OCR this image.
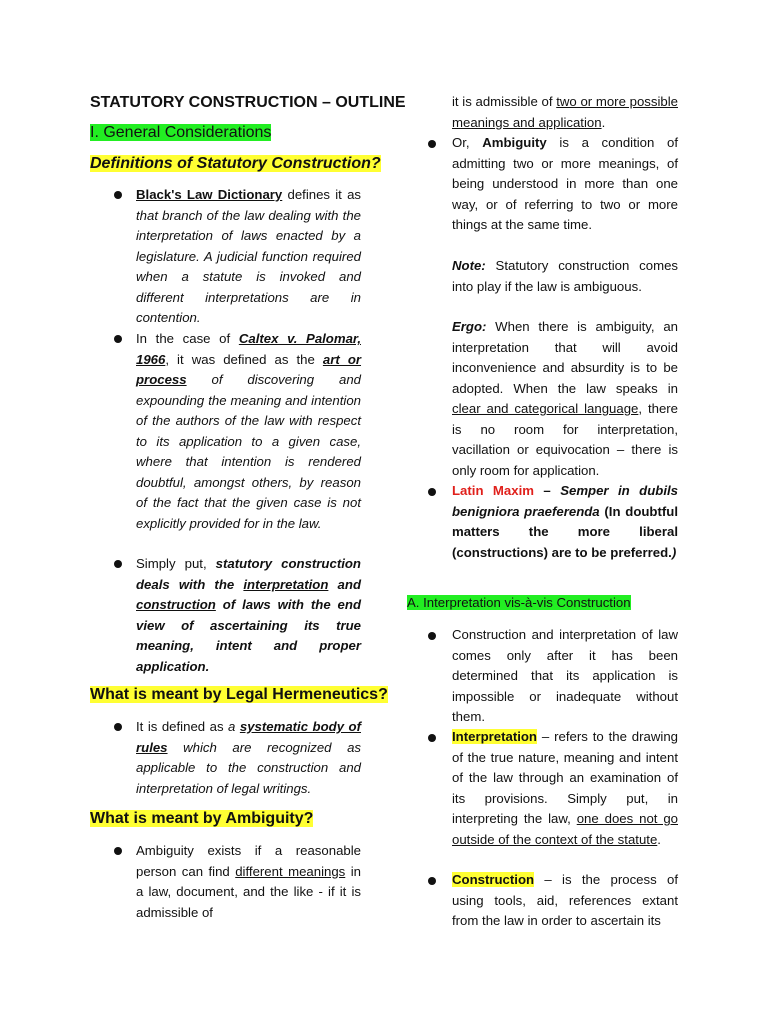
STATUTORY CONSTRUCTION – OUTLINE
I. General Considerations
Definitions of Statutory Construction?

Black's Law Dictionary defines it as that branch of the law dealing with the interpretation of laws enacted by a legislature. A judicial function required when a statute is invoked and different interpretations are in contention.

In the case of Caltex v. Palomar, 1966, it was defined as the art or process of discovering and expounding the meaning and intention of the authors of the law with respect to its application to a given case, where that intention is rendered doubtful, amongst others, by reason of the fact that the given case is not explicitly provided for in the law.

Simply put, statutory construction deals with the interpretation and construction of laws with the end view of ascertaining its true meaning, intent and proper application.

What is meant by Legal Hermeneutics?

It is defined as a systematic body of rules which are recognized as applicable to the construction and interpretation of legal writings.

What is meant by Ambiguity?

Ambiguity exists if a reasonable person can find different meanings in a law, document, and the like - if it is admissible of

it is admissible of two or more possible meanings and application.

Or, Ambiguity is a condition of admitting two or more meanings, of being understood in more than one way, or of referring to two or more things at the same time.

Note: Statutory construction comes into play if the law is ambiguous.

Ergo: When there is ambiguity, an interpretation that will avoid inconvenience and absurdity is to be adopted. When the law speaks in clear and categorical language, there is no room for interpretation, vacillation or equivocation – there is only room for application.

Latin Maxim – Semper in dubils benigniora praeferenda (In doubtful matters the more liberal (constructions) are to be preferred.)

A. Interpretation vis-à-vis Construction

Construction and interpretation of law comes only after it has been determined that its application is impossible or inadequate without them.

Interpretation – refers to the drawing of the true nature, meaning and intent of the law through an examination of its provisions. Simply put, in interpreting the law, one does not go outside of the context of the statute.

Construction – is the process of using tools, aid, references extant from the law in order to ascertain its
